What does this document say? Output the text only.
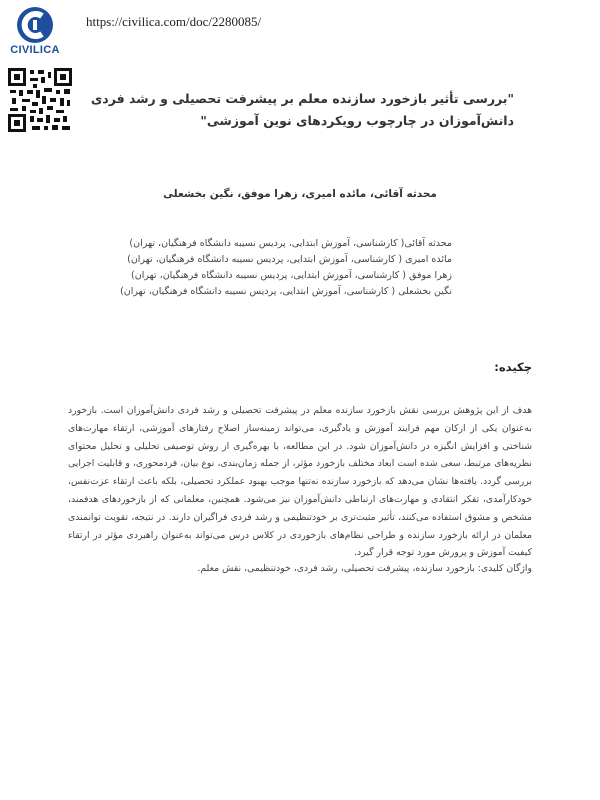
CIVILICA
https://civilica.com/doc/2280085/
"بررسی تأثیر بازخورد سازنده معلم بر پیشرفت تحصیلی و رشد فردی دانش‌آموزان در چارچوب رویکردهای نوین آموزشی"
محدثه آقائی، مائده امیری، زهرا موفق، نگین بخشعلی
محدثه آقائی( کارشناسی، آموزش ابتدایی، پردیس نسیبه دانشگاه فرهنگیان، تهران)
مائده امیری ( کارشناسی، آموزش ابتدایی، پردیس نسیبه دانشگاه فرهنگیان، تهران)
زهرا موفق ( کارشناسی، آموزش ابتدایی، پردیس نسیبه دانشگاه فرهنگیان، تهران)
نگین بخشعلی ( کارشناسی، آموزش ابتدایی، پردیس نسیبه دانشگاه فرهنگیان، تهران)
چکیده:
هدف از این پژوهش بررسی نقش بازخورد سازنده معلم در پیشرفت تحصیلی و رشد فردی دانش‌آموزان است. بازخورد به‌عنوان یکی از ارکان مهم فرایند آموزش و یادگیری، می‌تواند زمینه‌ساز اصلاح رفتارهای آموزشی، ارتقاء مهارت‌های شناختی و افزایش انگیزه در دانش‌آموزان شود. در این مطالعه، با بهره‌گیری از روش توصیفی تحلیلی و تحلیل محتوای نظریه‌های مرتبط، سعی شده است ابعاد مختلف بازخورد مؤثر، از جمله زمان‌بندی، نوع بیان، فردمحوری، و قابلیت اجرایی بررسی گردد. یافته‌ها نشان می‌دهد که بازخورد سازنده نه‌تنها موجب بهبود عملکرد تحصیلی، بلکه باعث ارتقاء عزت‌نفس، خودکارآمدی، تفکر انتقادی و مهارت‌های ارتباطی دانش‌آموزان نیز می‌شود. همچنین، معلمانی که از بازخوردهای هدفمند، مشخص و مشوق استفاده می‌کنند، تأثیر مثبت‌تری بر خودتنظیمی و رشد فردی فراگیران دارند. در نتیجه، تقویت توانمندی معلمان در ارائه بازخورد سازنده و طراحی نظام‌های بازخوردی در کلاس درس می‌تواند به‌عنوان راهبردی مؤثر در ارتقاء کیفیت آموزش و پرورش مورد توجه قرار گیرد.
واژگان کلیدی: بازخورد سازنده، پیشرفت تحصیلی، رشد فردی، خودتنظیمی، نقش معلم.
